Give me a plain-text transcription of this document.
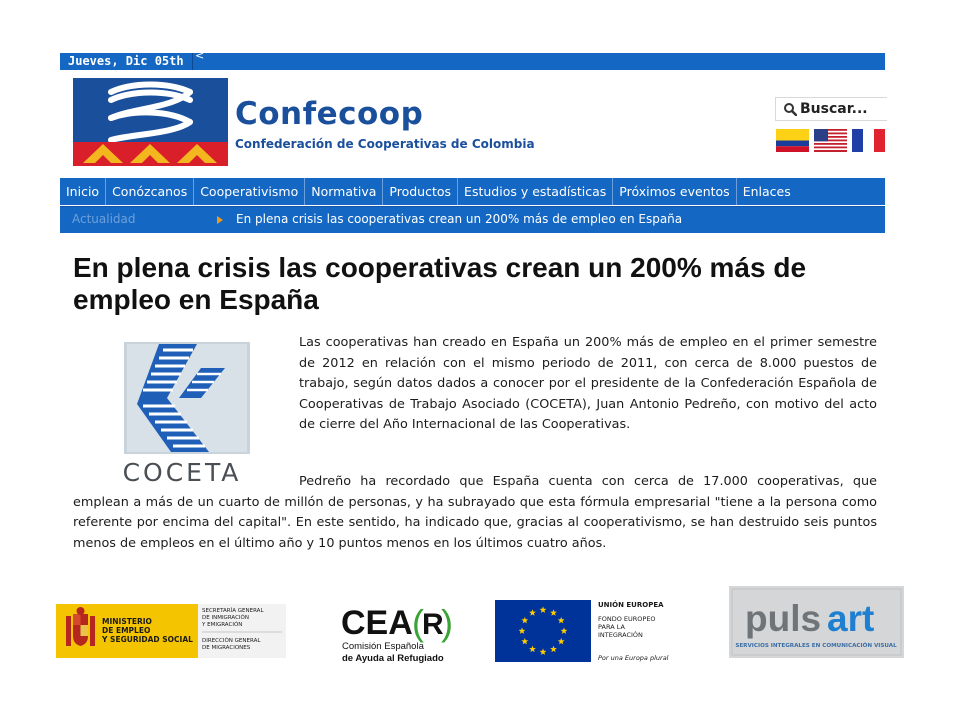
Jueves, Dic 05th	<
Confecoop
Confederación de Cooperativas de Colombia
Buscar...
Inicio	Conózcanos	Cooperativismo	Normativa	Productos	Estudios y estadísticas	Próximos eventos	Enlaces
Actualidad	En plena crisis las cooperativas crean un 200% más de empleo en España
En plena crisis las cooperativas crean un 200% más de empleo en España
COCETA
Las cooperativas han creado en España un 200% más de empleo en el primer semestre de 2012 en relación con el mismo periodo de 2011, con cerca de 8.000 puestos de trabajo, según datos dados a conocer por el presidente de la Confederación Española de Cooperativas de Trabajo Asociado (COCETA), Juan Antonio Pedreño, con motivo del acto de cierre del Año Internacional de las Cooperativas.
Pedreño ha recordado que España cuenta con cerca de 17.000 cooperativas, que emplean a más de un cuarto de millón de personas, y ha subrayado que esta fórmula empresarial "tiene a la persona como referente por encima del capital". En este sentido, ha indicado que, gracias al cooperativismo, se han destruido seis puntos menos de empleos en el último año y 10 puntos menos en los últimos cuatro años.
MINISTERIO
DE EMPLEO
Y SEGURIDAD SOCIAL
SECRETARÍA GENERAL
DE INMIGRACIÓN
Y EMIGRACIÓN
DIRECCIÓN GENERAL
DE MIGRACIONES
CEA (
R
)
Comisión Española
de Ayuda al Refugiado
UNIÓN EUROPEA
FONDO EUROPEO
PARA LA
INTEGRACIÓN
Por una Europa plural
puls art
SERVICIOS INTEGRALES EN COMUNICACIÓN VISUAL
